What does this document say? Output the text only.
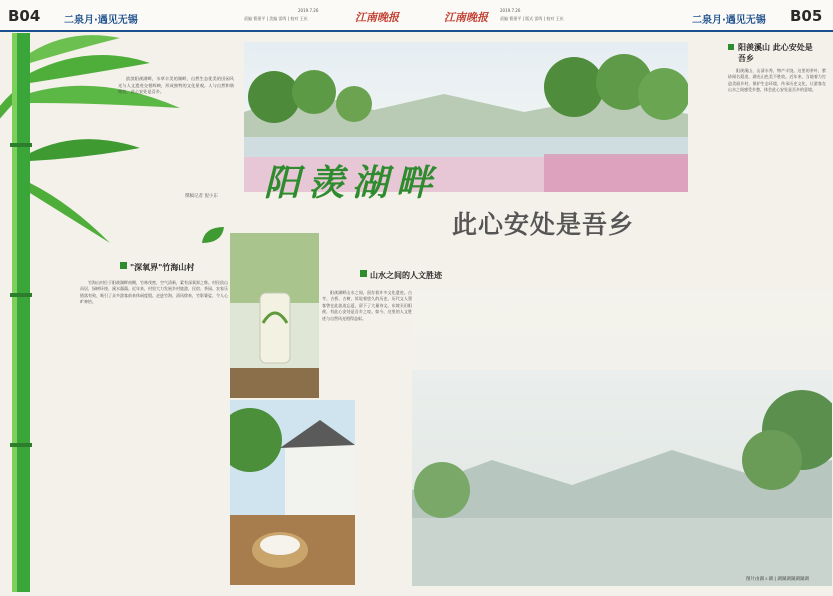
B04 二泉月·遇见无锡
2019.7.26
责编 曹建平 | 美编 雷鸣 | 校对 王庆	江南晚报	江南晚报
2019.7.26
责编 曹建平 | 版式 雷鸣 | 校对 王庆	二泉月·遇见无锡 B05

滨滨阳羡湖畔，水草丰美的湖畔，自然生态优美的田园风光与人文遗迹交相辉映，形成独特的文化景观。人与自然和谐相处，此心安处是吾乡。

撰稿记者 倪小东 阳羡湖畔
此心安处是吾乡
"深氧界"竹海山村

竹海山村位于阳羡湖畔南侧，竹林茂密，空气清新，素有深氧界之称。村民依山而居，绿树环绕，溪水潺潺。近年来，村里大力发展乡村旅游，民宿、茶园、农家乐错落有致，吸引了众多游客前来休闲度假。走进竹海，清风徐来，竹影婆娑，令人心旷神怡。

山水之间的人文胜迹

阳羡湖畔山水之间，留存着许多文化遗迹。古寺、古桥、古树，诉说着悠久的历史。历代文人墨客曾在此流连忘返，留下了大量诗文。东坡买田阳羡，有此心安处是吾乡之叹。如今，这里的人文胜迹与自然风光相得益彰。

图片由湖ㄨ湖 | 湖湖湖湖湖湖湖
阳羡溪山 此心安处是吾乡

阳羡溪山，山清水秀，物产丰饶。这里的茶叶、紫砂闻名遐迩，湖光山色美不胜收。近年来，当地着力打造美丽乡村，保护生态环境，传承历史文化，让游客在山水之间感受乡愁，体会此心安处是吾乡的意境。
